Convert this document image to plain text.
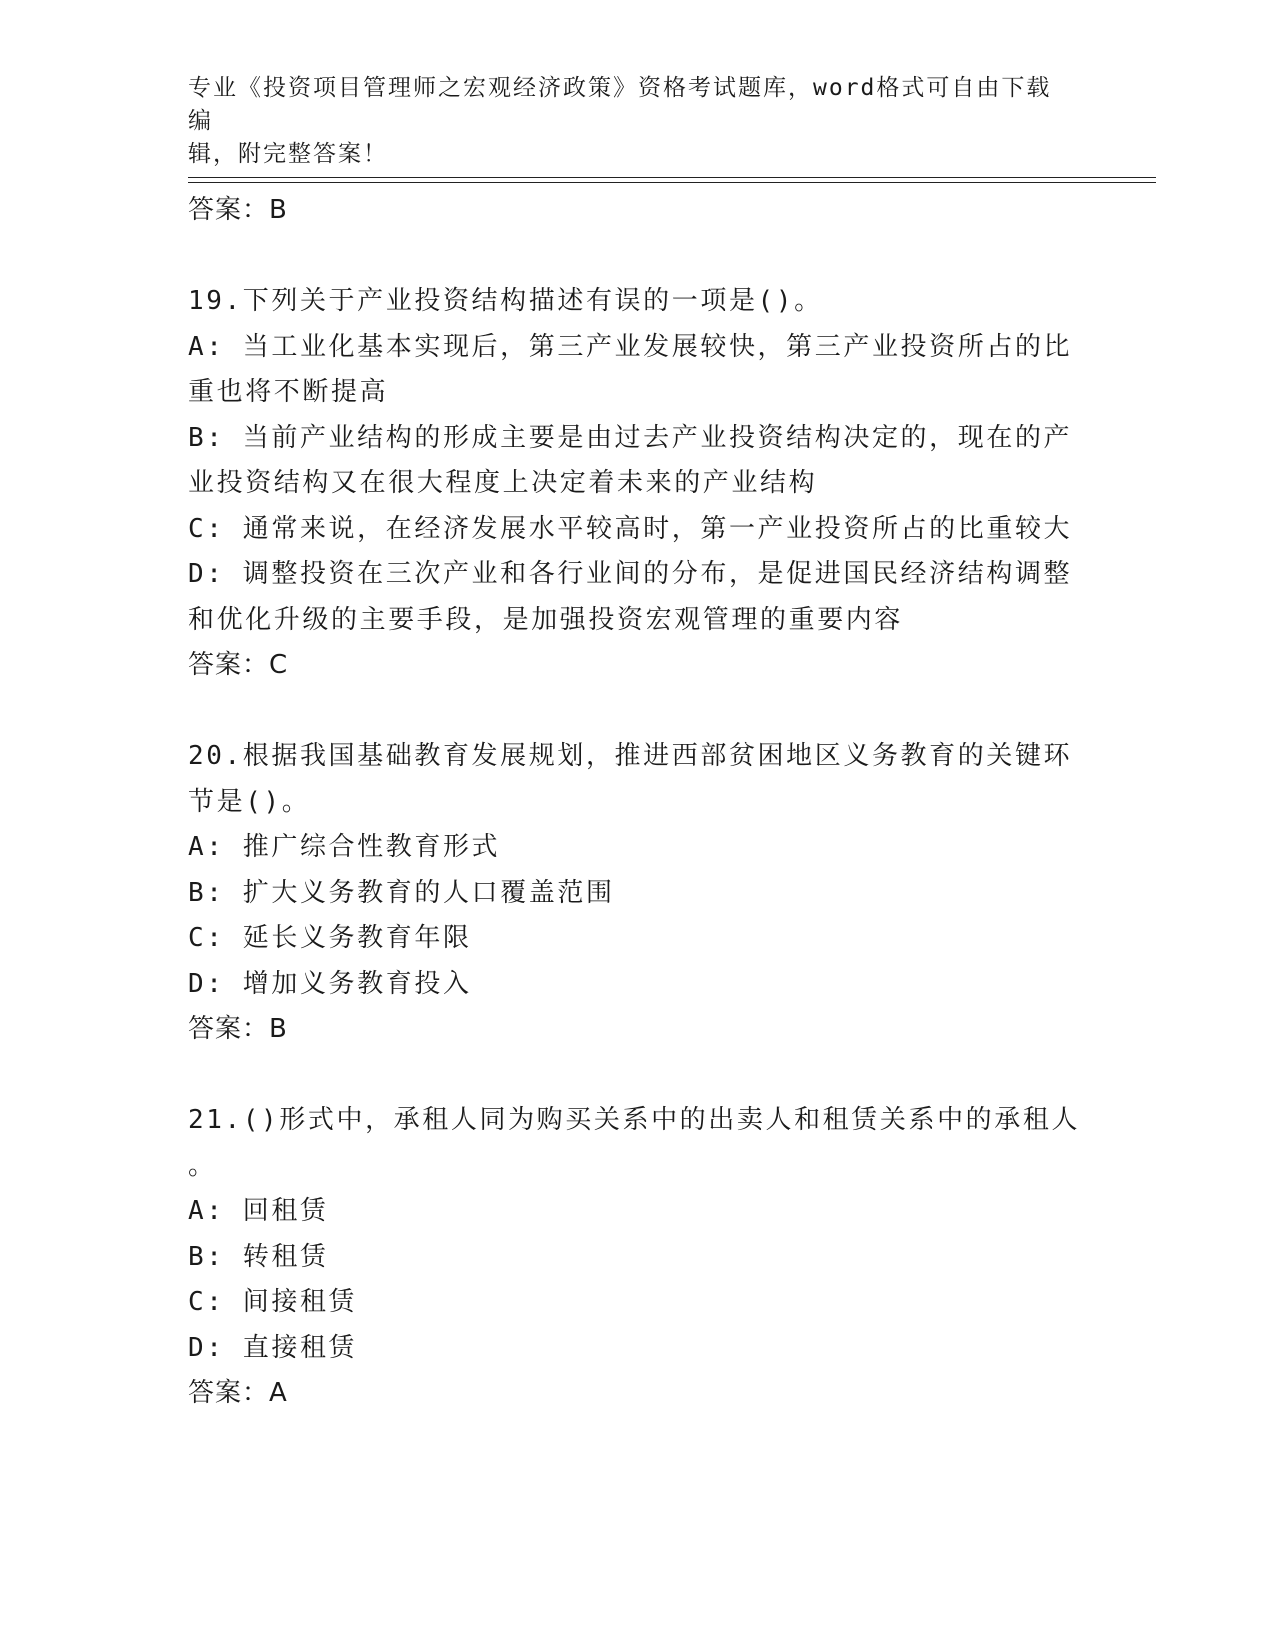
专业《投资项目管理师之宏观经济政策》资格考试题库，word格式可自由下载编
辑，附完整答案！
答案：B
19.下列关于产业投资结构描述有误的一项是()。
A: 当工业化基本实现后，第三产业发展较快，第三产业投资所占的比
重也将不断提高
B: 当前产业结构的形成主要是由过去产业投资结构决定的，现在的产
业投资结构又在很大程度上决定着未来的产业结构
C: 通常来说，在经济发展水平较高时，第一产业投资所占的比重较大
D: 调整投资在三次产业和各行业间的分布，是促进国民经济结构调整
和优化升级的主要手段，是加强投资宏观管理的重要内容
答案：C
20.根据我国基础教育发展规划，推进西部贫困地区义务教育的关键环
节是()。
A: 推广综合性教育形式
B: 扩大义务教育的人口覆盖范围
C: 延长义务教育年限
D: 增加义务教育投入
答案：B
21.()形式中，承租人同为购买关系中的出卖人和租赁关系中的承租人
。
A: 回租赁
B: 转租赁
C: 间接租赁
D: 直接租赁
答案：A
